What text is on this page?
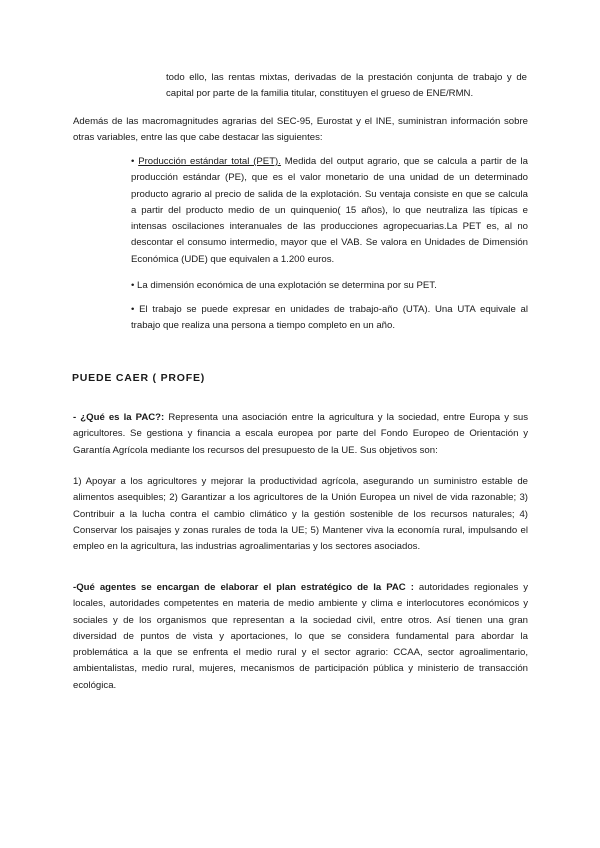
todo ello, las rentas mixtas, derivadas de la prestación conjunta de trabajo y de capital por parte de la familia titular, constituyen el grueso de ENE/RMN.

Además de las macromagnitudes agrarias del SEC-95, Eurostat y el INE, suministran información sobre otras variables, entre las que cabe destacar las siguientes:

• Producción estándar total (PET). Medida del output agrario, que se calcula a partir de la producción estándar (PE), que es el valor monetario de una unidad de un determinado producto agrario al precio de salida de la explotación. Su ventaja consiste en que se calcula a partir del producto medio de un quinquenio( 15 años), lo que neutraliza las típicas e intensas oscilaciones interanuales de las producciones agropecuarias.La PET es, al no descontar el consumo intermedio, mayor que el VAB. Se valora en Unidades de Dimensión Económica (UDE) que equivalen a 1.200 euros.

• La dimensión económica de una explotación se determina por su PET.

• El trabajo se puede expresar en unidades de trabajo-año (UTA). Una UTA equivale al trabajo que realiza una persona a tiempo completo en un año.

PUEDE CAER ( PROFE)

- ¿Qué es la PAC?: Representa una asociación entre la agricultura y la sociedad, entre Europa y sus agricultores. Se gestiona y financia a escala europea por parte del Fondo Europeo de Orientación y Garantía Agrícola mediante los recursos del presupuesto de la UE. Sus objetivos son:

1) Apoyar a los agricultores y mejorar la productividad agrícola, asegurando un suministro estable de alimentos asequibles; 2) Garantizar a los agricultores de la Unión Europea un nivel de vida razonable; 3) Contribuir a la lucha contra el cambio climático y la gestión sostenible de los recursos naturales; 4) Conservar los paisajes y zonas rurales de toda la UE; 5) Mantener viva la economía rural, impulsando el empleo en la agricultura, las industrias agroalimentarias y los sectores asociados.

-Qué agentes se encargan de elaborar el plan estratégico de la PAC : autoridades regionales y locales, autoridades competentes en materia de medio ambiente y clima e interlocutores económicos y sociales y de los organismos que representan a la sociedad civil, entre otros. Así tienen una gran diversidad de puntos de vista y aportaciones, lo que se considera fundamental para abordar la problemática a la que se enfrenta el medio rural y el sector agrario: CCAA, sector agroalimentario, ambientalistas, medio rural, mujeres, mecanismos de participación pública y ministerio de transacción ecológica.
